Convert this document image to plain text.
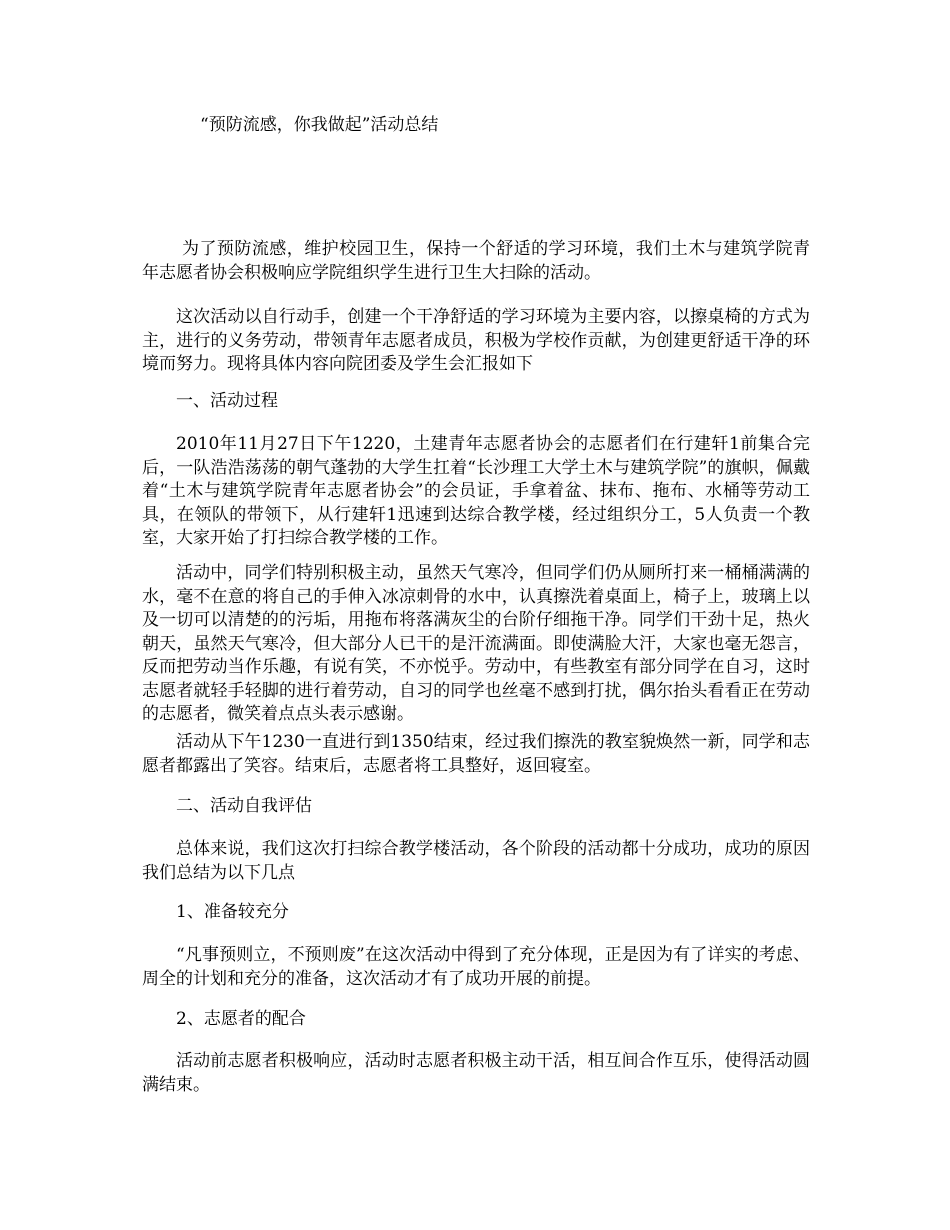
“预防流感，你我做起”活动总结

为了预防流感，维护校园卫生，保持一个舒适的学习环境，我们土木与建筑学院青年志愿者协会积极响应学院组织学生进行卫生大扫除的活动。

这次活动以自行动手，创建一个干净舒适的学习环境为主要内容，以擦桌椅的方式为主，进行的义务劳动，带领青年志愿者成员，积极为学校作贡献，为创建更舒适干净的环境而努力。现将具体内容向院团委及学生会汇报如下

一、活动过程

2010年11月27日下午1220，土建青年志愿者协会的志愿者们在行建轩1前集合完后，一队浩浩荡荡的朝气蓬勃的大学生扛着“长沙理工大学土木与建筑学院”的旗帜，佩戴着“土木与建筑学院青年志愿者协会”的会员证，手拿着盆、抹布、拖布、水桶等劳动工具，在领队的带领下，从行建轩1迅速到达综合教学楼，经过组织分工，5人负责一个教室，大家开始了打扫综合教学楼的工作。

活动中，同学们特别积极主动，虽然天气寒冷，但同学们仍从厕所打来一桶桶满满的水，毫不在意的将自己的手伸入冰凉刺骨的水中，认真擦洗着桌面上，椅子上，玻璃上以及一切可以清楚的的污垢，用拖布将落满灰尘的台阶仔细拖干净。同学们干劲十足，热火朝天，虽然天气寒冷，但大部分人已干的是汗流满面。即使满脸大汗，大家也毫无怨言，反而把劳动当作乐趣，有说有笑，不亦悦乎。劳动中，有些教室有部分同学在自习，这时志愿者就轻手轻脚的进行着劳动，自习的同学也丝毫不感到打扰，偶尔抬头看看正在劳动的志愿者，微笑着点点头表示感谢。

活动从下午1230一直进行到1350结束，经过我们擦洗的教室貌焕然一新，同学和志愿者都露出了笑容。结束后，志愿者将工具整好，返回寝室。

二、活动自我评估

总体来说，我们这次打扫综合教学楼活动，各个阶段的活动都十分成功，成功的原因我们总结为以下几点

1、准备较充分

“凡事预则立，不预则废”在这次活动中得到了充分体现，正是因为有了详实的考虑、周全的计划和充分的准备，这次活动才有了成功开展的前提。

2、志愿者的配合

活动前志愿者积极响应，活动时志愿者积极主动干活，相互间合作互乐，使得活动圆满结束。
